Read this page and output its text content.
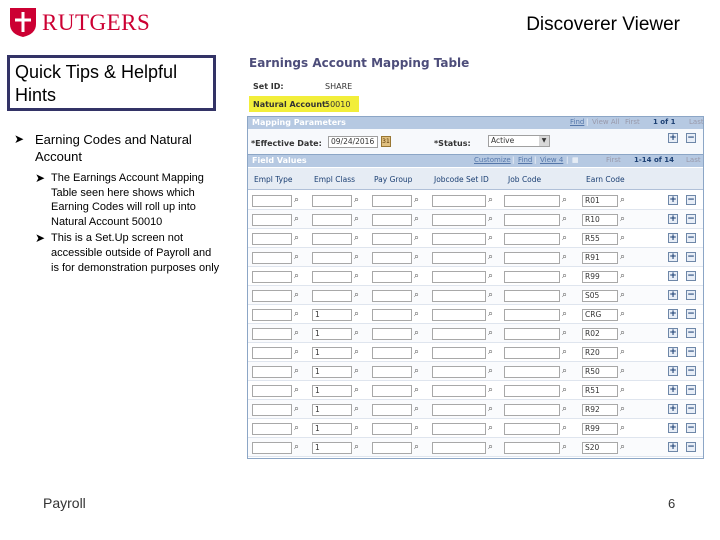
RUTGERS	Discoverer Viewer
Quick Tips & Helpful Hints
➤ Earning Codes and Natural Account
➤ The Earnings Account Mapping Table seen here shows which Earning Codes will roll up into Natural Account 50010
➤ This is a Set.Up screen not accessible outside of Payroll and is for demonstration purposes only
Payroll	6
Earnings Account Mapping Table
Set ID:	SHARE
Natural Account:
50010
Mapping Parameters	Find | View All First 1 of 1 Last
*Effective Date:	09/24/2016	31	*Status:	Active	▼	+ −
Field Values	Customize | Find | View 4 | ▦	First 1-14 of 14 Last
Empl Type	Empl Class	Pay Group	Jobcode Set ID	Job Code	Earn Code
⌕	⌕	⌕	⌕	⌕	R01	⌕	+ −
⌕	⌕	⌕	⌕	⌕	R10	⌕	+ −
⌕	⌕	⌕	⌕	⌕	R55	⌕	+ −
⌕	⌕	⌕	⌕	⌕	R91	⌕	+ −
⌕	⌕	⌕	⌕	⌕	R99	⌕	+ −
⌕	⌕	⌕	⌕	⌕	S05	⌕	+ −
⌕	1	⌕	⌕	⌕	⌕	CRG	⌕	+ −
⌕	1	⌕	⌕	⌕	⌕	R02	⌕	+ −
⌕	1	⌕	⌕	⌕	⌕	R20	⌕	+ −
⌕	1	⌕	⌕	⌕	⌕	R50	⌕	+ −
⌕	1	⌕	⌕	⌕	⌕	R51	⌕	+ −
⌕	1	⌕	⌕	⌕	⌕	R92	⌕	+ −
⌕	1	⌕	⌕	⌕	⌕	R99	⌕	+ −
⌕	1	⌕	⌕	⌕	⌕	S20	⌕	+ −
